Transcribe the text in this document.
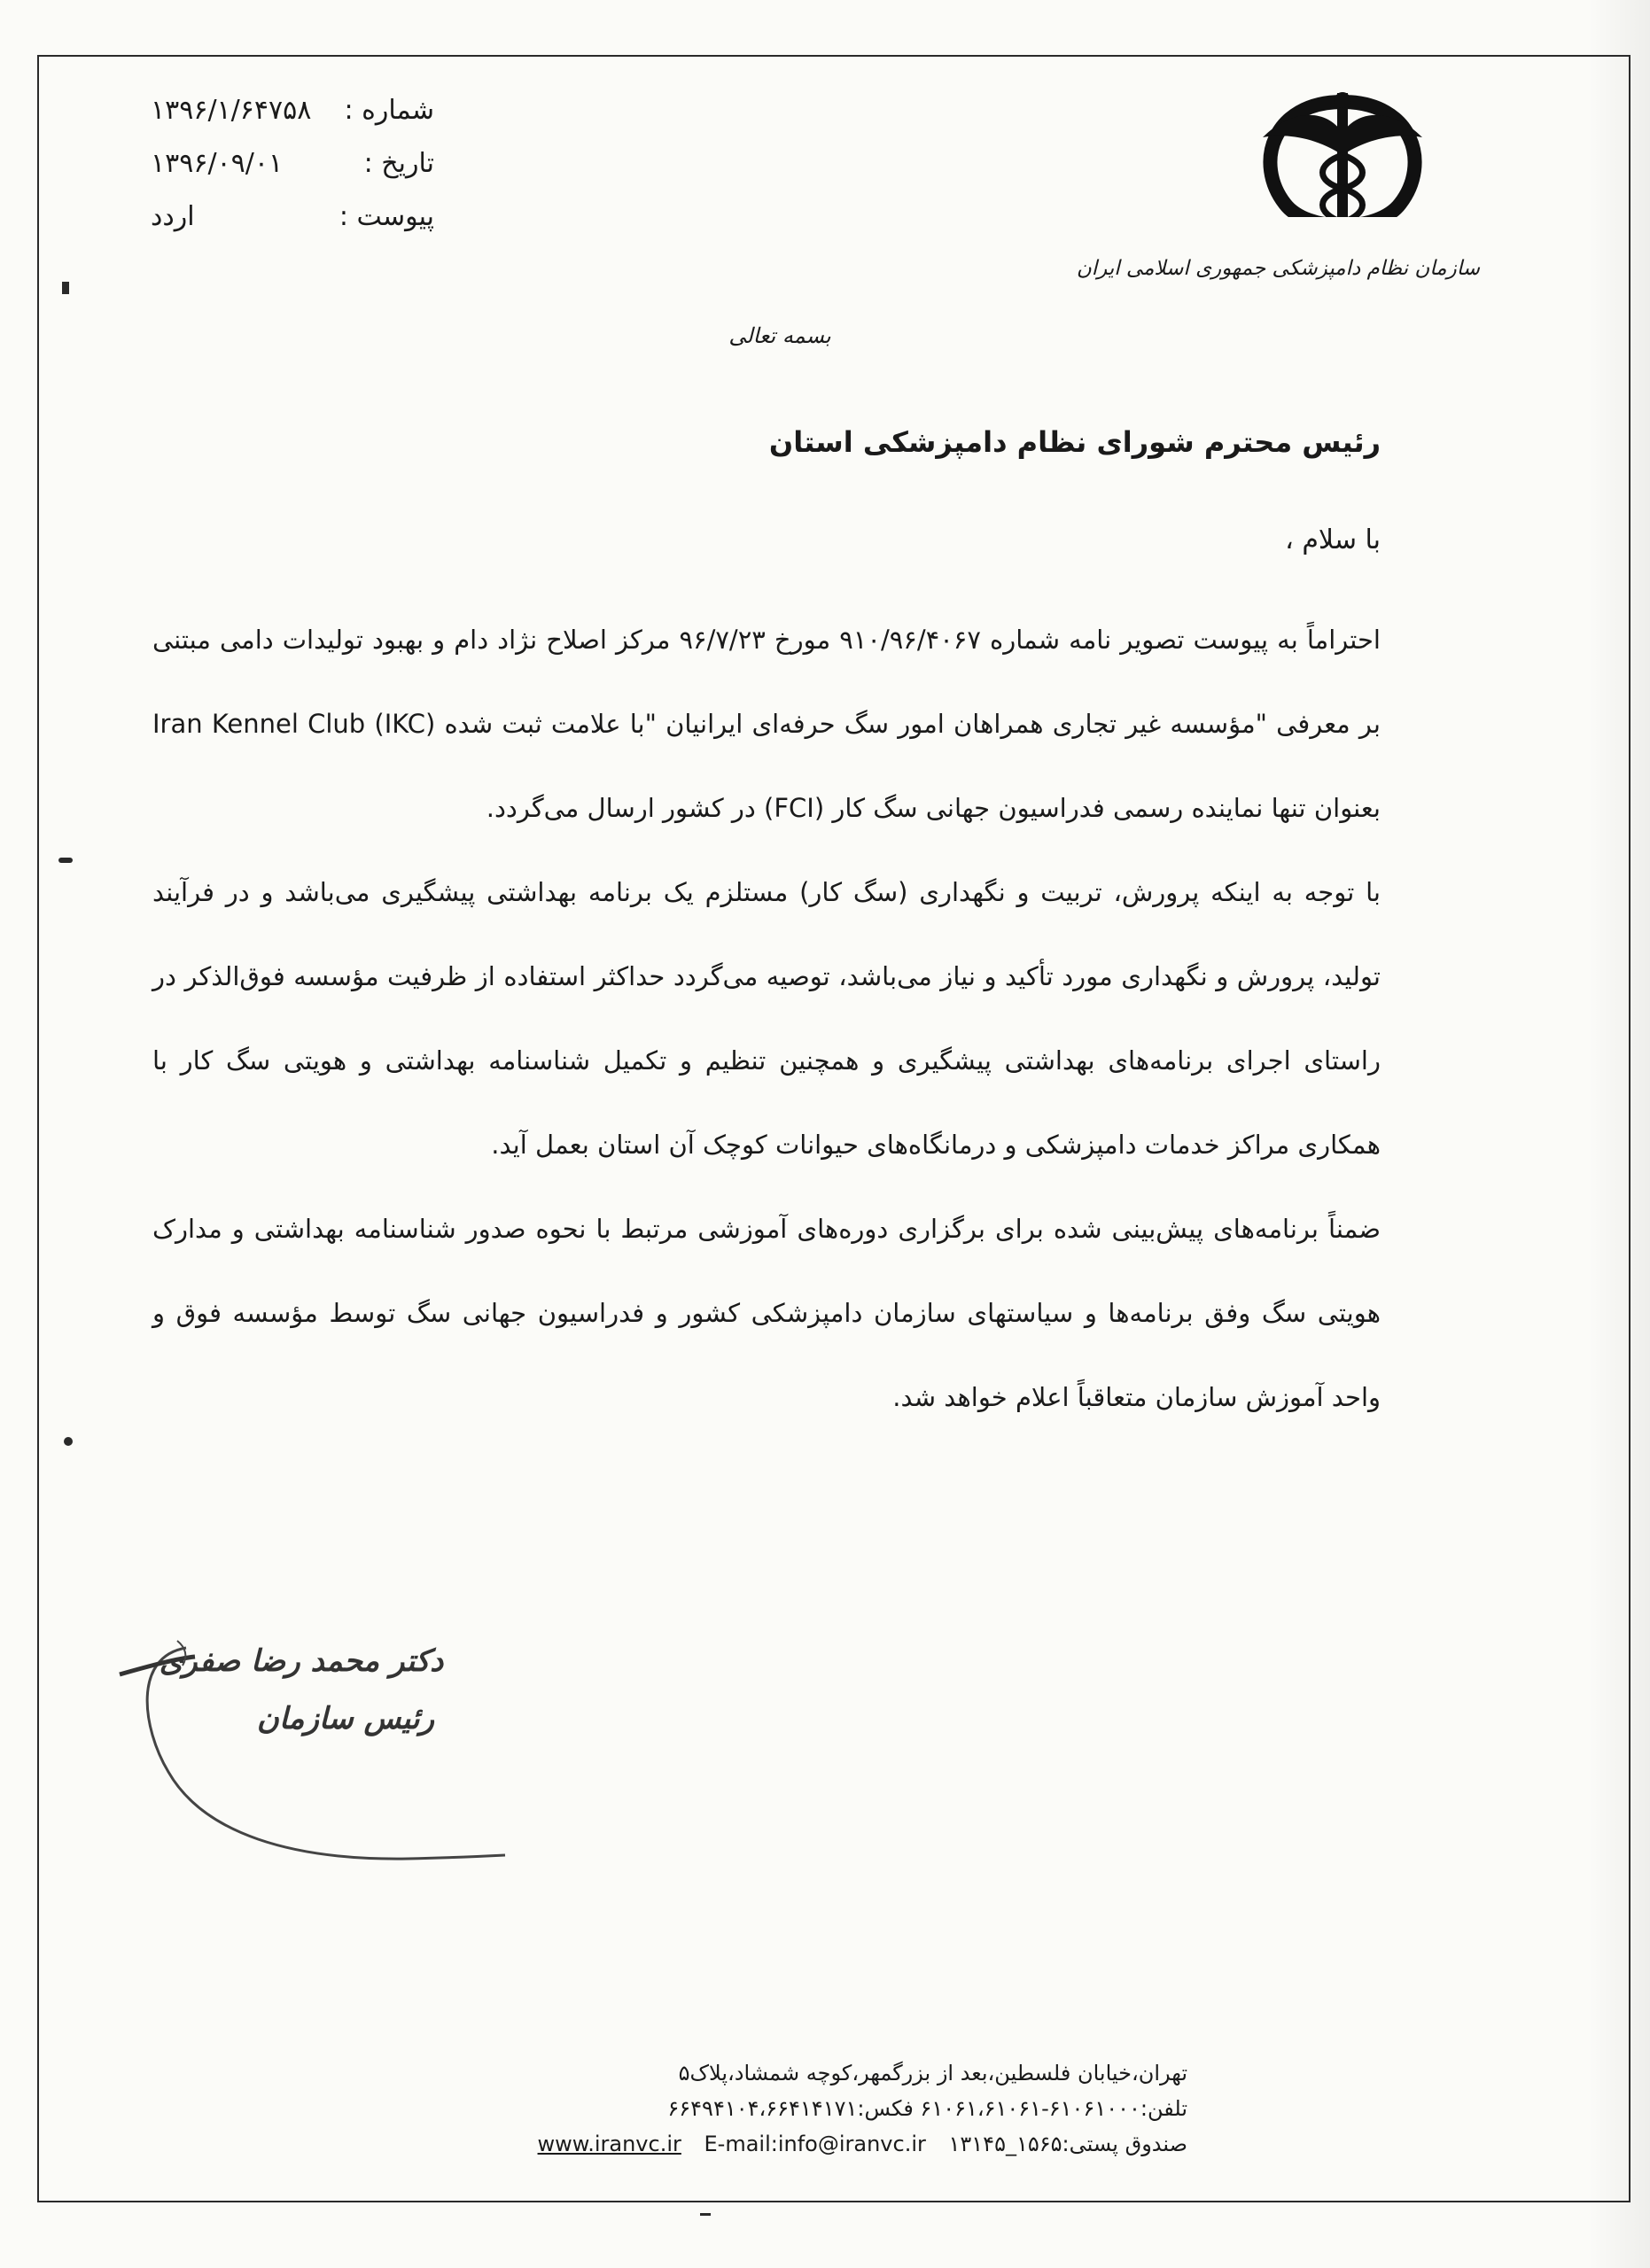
شماره :
۱۳۹۶/۱/۶۴۷۵۸
تاریخ :
۱۳۹۶/۰۹/۰۱
پیوست :
اردد
سازمان نظام دامپزشکی جمهوری اسلامی ایران
بسمه تعالی
رئیس محترم شورای نظام دامپزشکی استان
با سلام ،

احتراماً به پیوست تصویر نامه شماره ۹۱۰/۹۶/۴۰۶۷ مورخ ۹۶/۷/۲۳ مرکز اصلاح نژاد دام و بهبود تولیدات دامی مبتنی بر معرفی "مؤسسه غیر تجاری همراهان امور سگ حرفه‌ای ایرانیان "با علامت ثبت شده (IKC) Iran Kennel Club بعنوان تنها نماینده رسمی فدراسیون جهانی سگ کار (FCI) در کشور ارسال می‌گردد.

با توجه به اینکه پرورش، تربیت و نگهداری (سگ کار) مستلزم یک برنامه بهداشتی پیشگیری می‌باشد و در فرآیند تولید، پرورش و نگهداری مورد تأکید و نیاز می‌باشد، توصیه می‌گردد حداکثر استفاده از ظرفیت مؤسسه فوق‌الذکر در راستای اجرای برنامه‌های بهداشتی پیشگیری و همچنین تنظیم و تکمیل شناسنامه بهداشتی و هویتی سگ کار با همکاری مراکز خدمات دامپزشکی و درمانگاه‌های حیوانات کوچک آن استان بعمل آید.

ضمناً برنامه‌های پیش‌بینی شده برای برگزاری دوره‌های آموزشی مرتبط با نحوه صدور شناسنامه بهداشتی و مدارک هویتی سگ وفق برنامه‌ها و سیاستهای سازمان دامپزشکی کشور و فدراسیون جهانی سگ توسط مؤسسه فوق و واحد آموزش سازمان متعاقباً اعلام خواهد شد.

دکتر محمد رضا صفری
رئیس سازمان
تهران،خیابان فلسطین،بعد از بزرگمهر،کوچه شمشاد،پلاک۵
تلفن:۶۱۰۶۱۰۰۰-۶۱۰۶۱،۶۱۰۶۱ فکس:۶۶۴۹۴۱۰۴،۶۶۴۱۴۱۷۱
صندوق پستی:۱۵۶۵_۱۳۱۴۵ E-mail:info@iranvc.ir www.iranvc.ir
